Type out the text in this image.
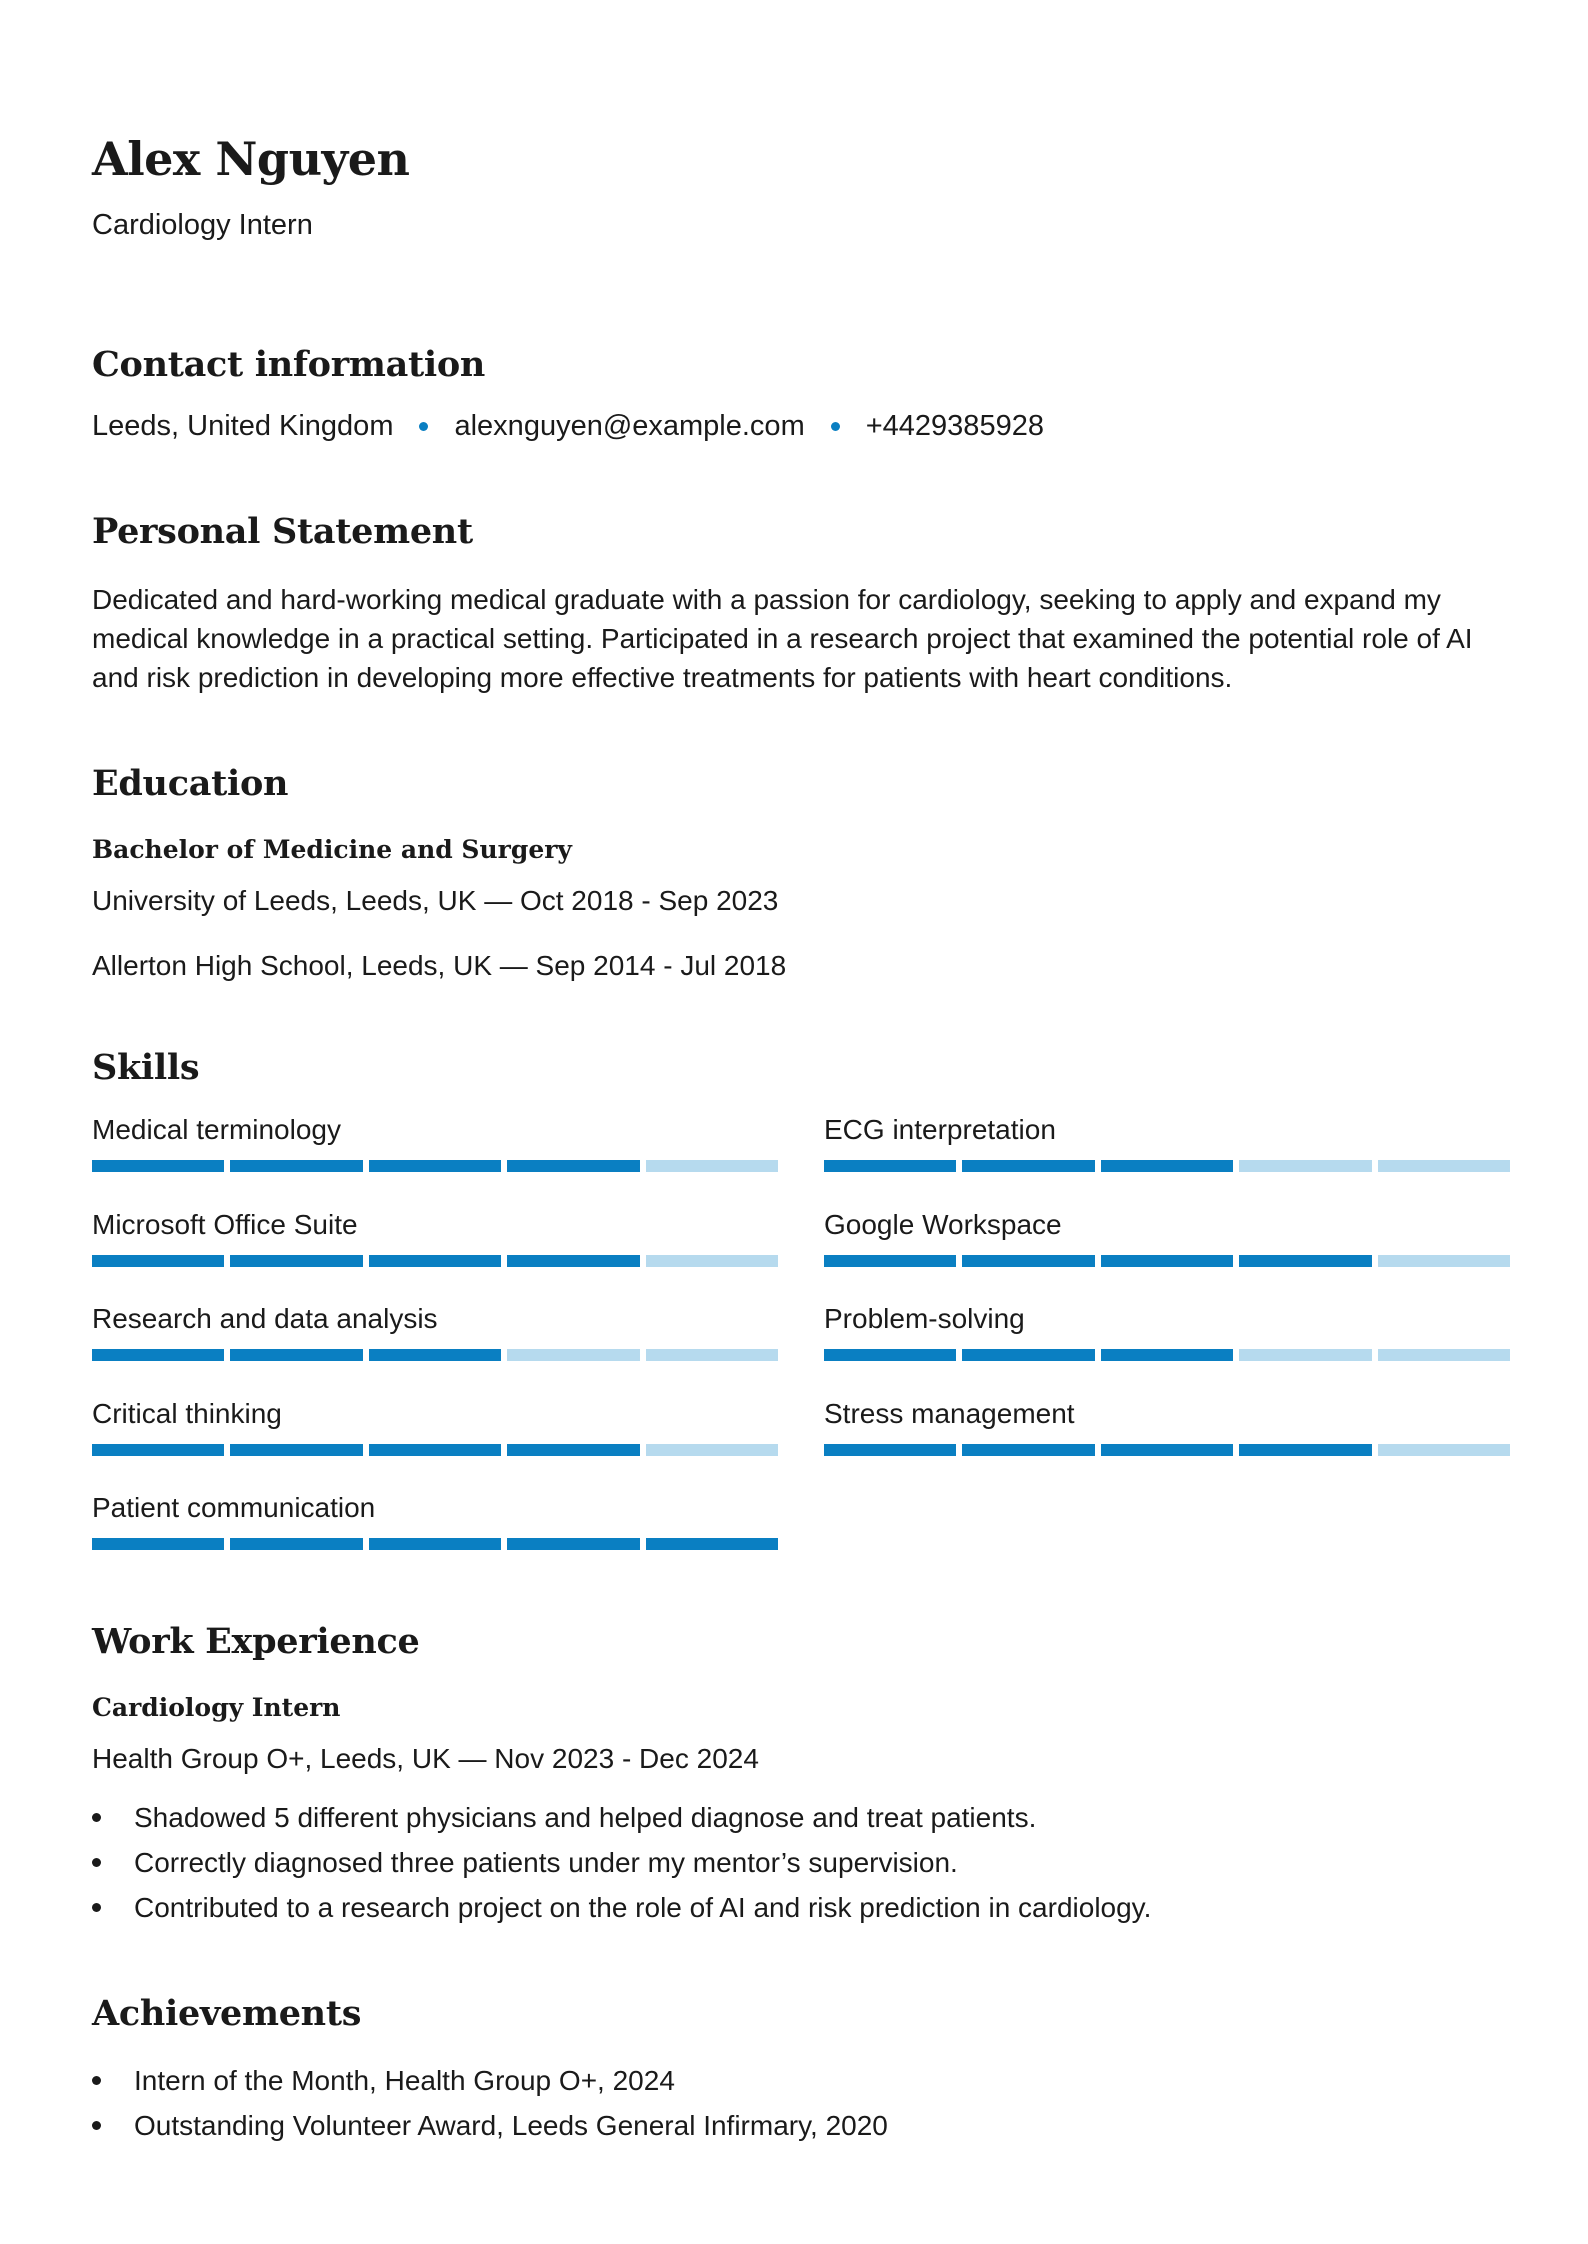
Alex Nguyen
Cardiology Intern
Contact information
Leeds, United Kingdom alexnguyen@example.com +4429385928
Personal Statement
Dedicated and hard-working medical graduate with a passion for cardiology, seeking to apply and expand my medical knowledge in a practical setting. Participated in a research project that examined the potential role of AI and risk prediction in developing more effective treatments for patients with heart conditions.
Education
Bachelor of Medicine and Surgery
University of Leeds, Leeds, UK — Oct 2018 - Sep 2023
Allerton High School, Leeds, UK — Sep 2014 - Jul 2018
Skills
Medical terminology	ECG interpretation
Microsoft Office Suite	Google Workspace
Research and data analysis	Problem-solving
Critical thinking	Stress management
Patient communication
Work Experience
Cardiology Intern
Health Group O+, Leeds, UK — Nov 2023 - Dec 2024
Shadowed 5 different physicians and helped diagnose and treat patients.
Correctly diagnosed three patients under my mentor’s supervision.
Contributed to a research project on the role of AI and risk prediction in cardiology.
Achievements
Intern of the Month, Health Group O+, 2024
Outstanding Volunteer Award, Leeds General Infirmary, 2020
